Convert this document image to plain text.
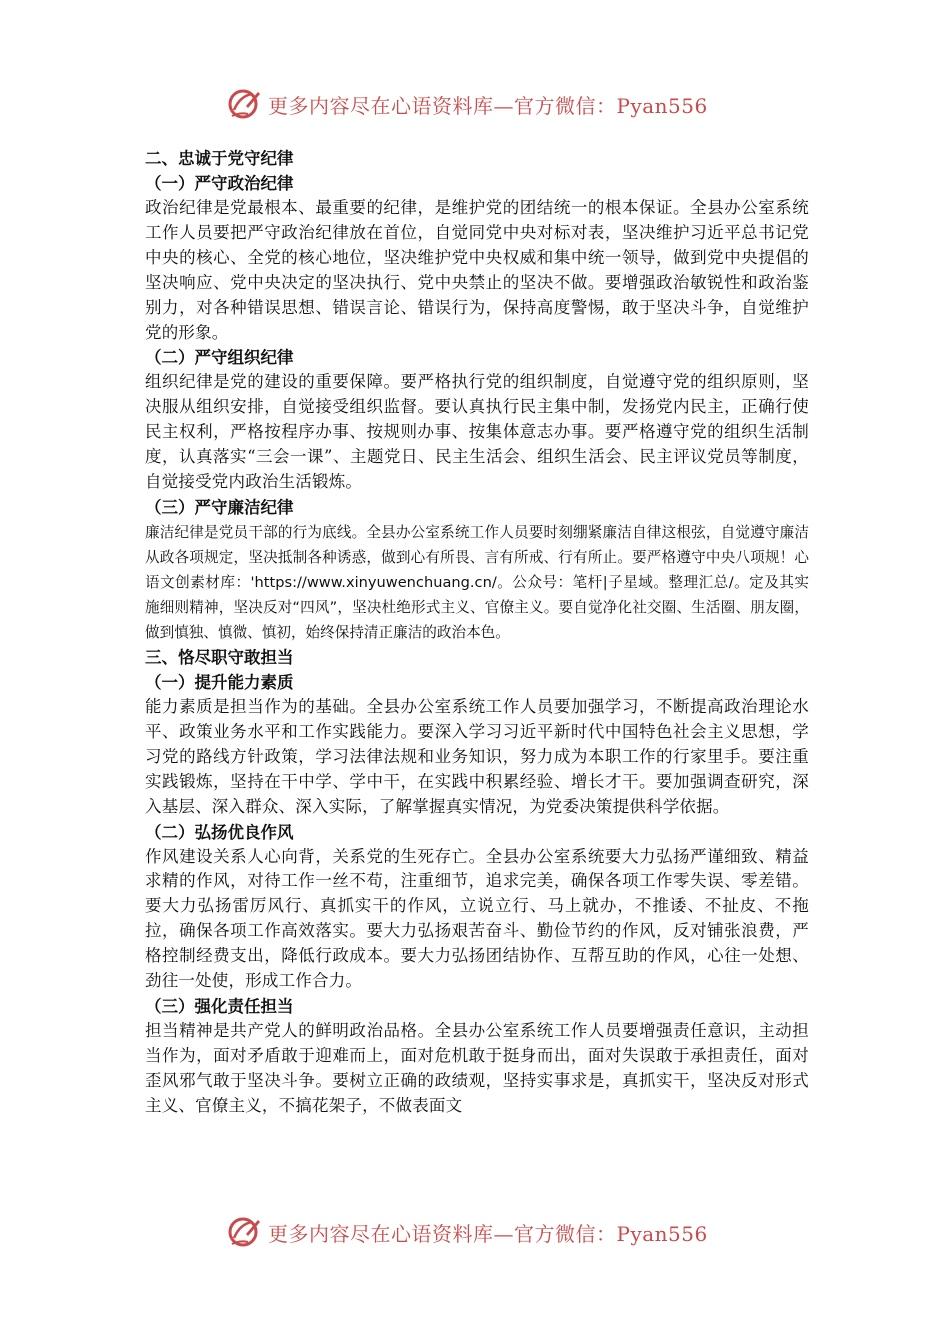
更多内容尽在心语资料库—官方微信：Pyan556
二、忠诚于党守纪律
（一）严守政治纪律
政治纪律是党最根本、最重要的纪律，是维护党的团结统一的根本保证。全县办公室系统工作人员要把严守政治纪律放在首位，自觉同党中央对标对表，坚决维护习近平总书记党中央的核心、全党的核心地位，坚决维护党中央权威和集中统一领导，做到党中央提倡的坚决响应、党中央决定的坚决执行、党中央禁止的坚决不做。要增强政治敏锐性和政治鉴别力，对各种错误思想、错误言论、错误行为，保持高度警惕，敢于坚决斗争，自觉维护党的形象。
（二）严守组织纪律
组织纪律是党的建设的重要保障。要严格执行党的组织制度，自觉遵守党的组织原则，坚决服从组织安排，自觉接受组织监督。要认真执行民主集中制，发扬党内民主，正确行使民主权利，严格按程序办事、按规则办事、按集体意志办事。要严格遵守党的组织生活制度，认真落实“三会一课”、主题党日、民主生活会、组织生活会、民主评议党员等制度，自觉接受党内政治生活锻炼。
（三）严守廉洁纪律
廉洁纪律是党员干部的行为底线。全县办公室系统工作人员要时刻绷紧廉洁自律这根弦，自觉遵守廉洁从政各项规定，坚决抵制各种诱惑，做到心有所畏、言有所戒、行有所止。要严格遵守中央八项规！心语文创素材库：'https://www.xinyuwenchuang.cn/。公众号：笔杆|子星域。整理汇总/。定及其实施细则精神，坚决反对“四风”，坚决杜绝形式主义、官僚主义。要自觉净化社交圈、生活圈、朋友圈，做到慎独、慎微、慎初，始终保持清正廉洁的政治本色。
三、恪尽职守敢担当
（一）提升能力素质
能力素质是担当作为的基础。全县办公室系统工作人员要加强学习，不断提高政治理论水平、政策业务水平和工作实践能力。要深入学习习近平新时代中国特色社会主义思想，学习党的路线方针政策，学习法律法规和业务知识，努力成为本职工作的行家里手。要注重实践锻炼，坚持在干中学、学中干，在实践中积累经验、增长才干。要加强调查研究，深入基层、深入群众、深入实际，了解掌握真实情况，为党委决策提供科学依据。
（二）弘扬优良作风
作风建设关系人心向背，关系党的生死存亡。全县办公室系统要大力弘扬严谨细致、精益求精的作风，对待工作一丝不苟，注重细节，追求完美，确保各项工作零失误、零差错。要大力弘扬雷厉风行、真抓实干的作风，立说立行、马上就办，不推诿、不扯皮、不拖拉，确保各项工作高效落实。要大力弘扬艰苦奋斗、勤俭节约的作风，反对铺张浪费，严格控制经费支出，降低行政成本。要大力弘扬团结协作、互帮互助的作风，心往一处想、劲往一处使，形成工作合力。
（三）强化责任担当
担当精神是共产党人的鲜明政治品格。全县办公室系统工作人员要增强责任意识，主动担当作为，面对矛盾敢于迎难而上，面对危机敢于挺身而出，面对失误敢于承担责任，面对歪风邪气敢于坚决斗争。要树立正确的政绩观，坚持实事求是，真抓实干，坚决反对形式主义、官僚主义，不搞花架子，不做表面文
更多内容尽在心语资料库—官方微信：Pyan556
